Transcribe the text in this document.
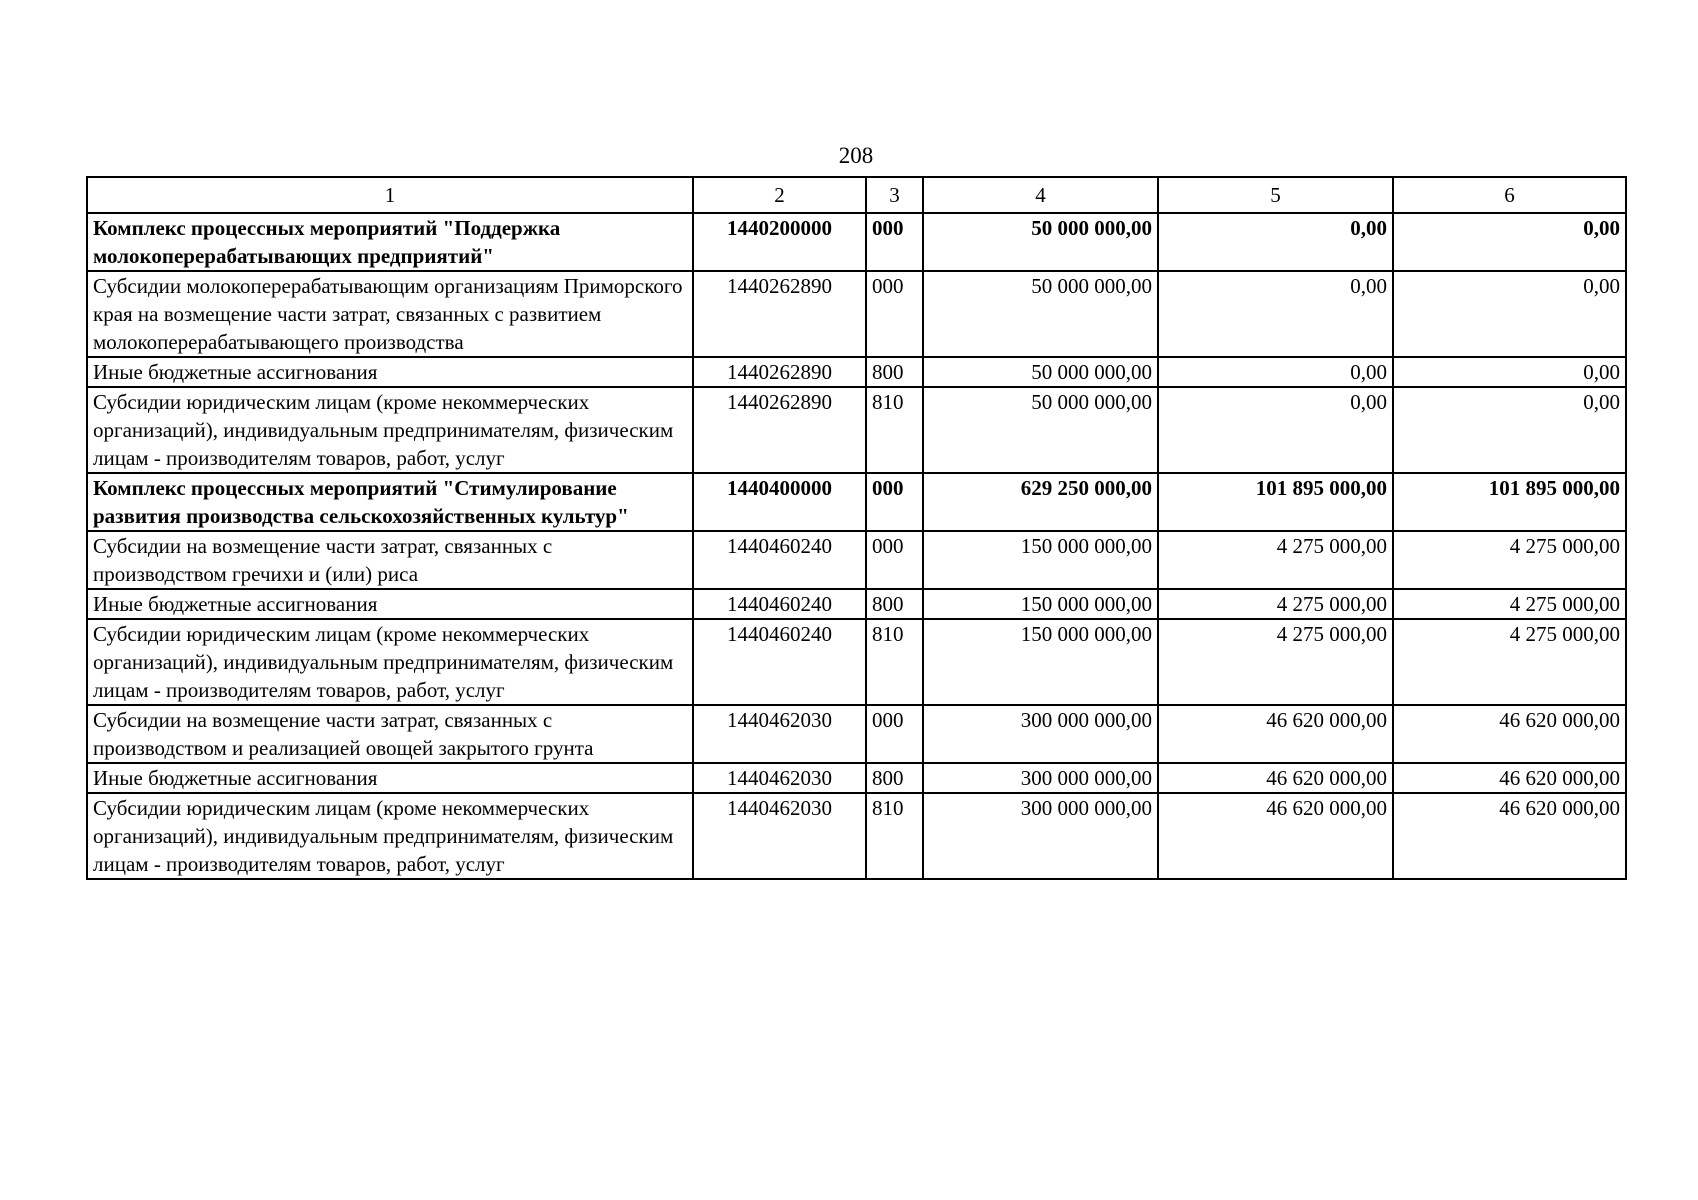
208
1	2	3	4	5	6
Комплекс процессных мероприятий "Поддержка молокоперерабатывающих предприятий"	1440200000	000	50 000 000,00	0,00	0,00
Субсидии молокоперерабатывающим организациям Приморского края на возмещение части затрат, связанных с развитием молокоперерабатывающего производства	1440262890	000	50 000 000,00	0,00	0,00
Иные бюджетные ассигнования	1440262890	800	50 000 000,00	0,00	0,00
Субсидии юридическим лицам (кроме некоммерческих организаций), индивидуальным предпринимателям, физическим лицам - производителям товаров, работ, услуг	1440262890	810	50 000 000,00	0,00	0,00
Комплекс процессных мероприятий "Стимулирование развития производства сельскохозяйственных культур"	1440400000	000	629 250 000,00	101 895 000,00	101 895 000,00
Субсидии на возмещение части затрат, связанных с производством гречихи и (или) риса	1440460240	000	150 000 000,00	4 275 000,00	4 275 000,00
Иные бюджетные ассигнования	1440460240	800	150 000 000,00	4 275 000,00	4 275 000,00
Субсидии юридическим лицам (кроме некоммерческих организаций), индивидуальным предпринимателям, физическим лицам - производителям товаров, работ, услуг	1440460240	810	150 000 000,00	4 275 000,00	4 275 000,00
Субсидии на возмещение части затрат, связанных с производством и реализацией овощей закрытого грунта	1440462030	000	300 000 000,00	46 620 000,00	46 620 000,00
Иные бюджетные ассигнования	1440462030	800	300 000 000,00	46 620 000,00	46 620 000,00
Субсидии юридическим лицам (кроме некоммерческих организаций), индивидуальным предпринимателям, физическим лицам - производителям товаров, работ, услуг	1440462030	810	300 000 000,00	46 620 000,00	46 620 000,00
